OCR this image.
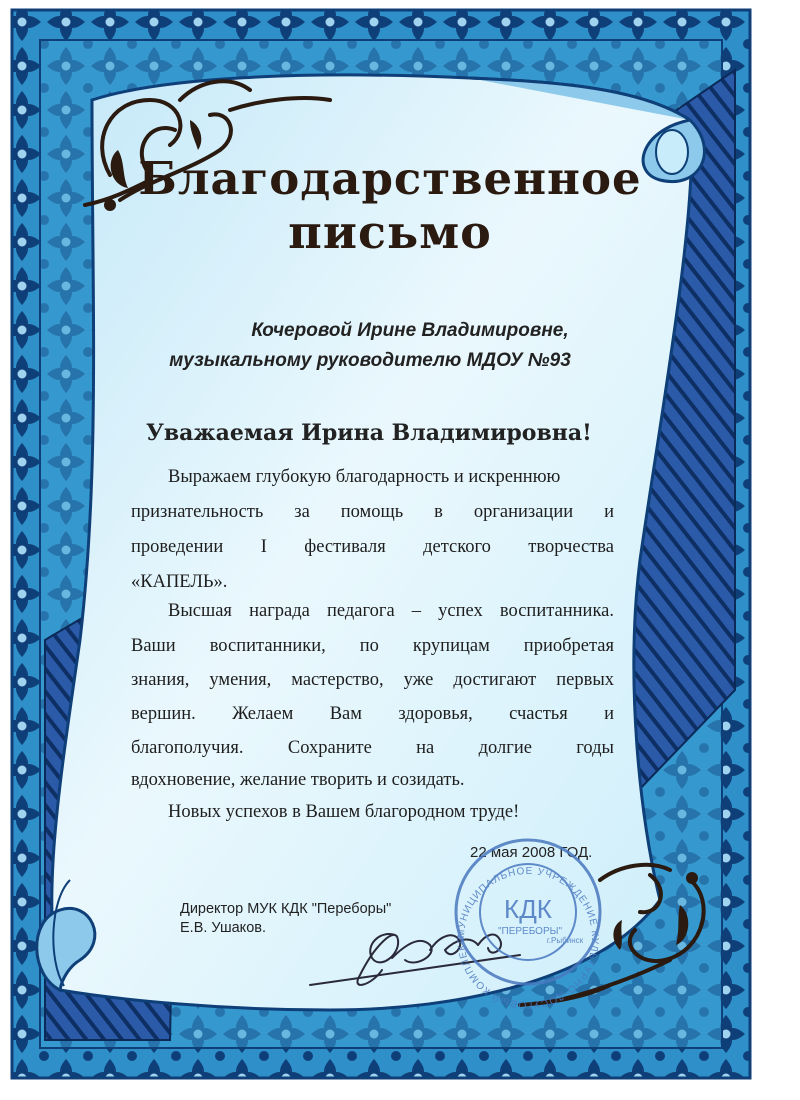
Благодарственное
письмо
Кочеровой Ирине Владимировне,
музыкальному руководителю МДОУ №93
Уважаемая Ирина Владимировна!
Выражаем глубокую благодарность и искреннюю
признательность за помощь в организации и
проведении I фестиваля детского творчества
«КАПЕЛЬ».
Высшая награда педагога – успех воспитанника.
Ваши воспитанники, по крупицам приобретая
знания, умения, мастерство, уже достигают первых
вершин. Желаем Вам здоровья, счастья и
благополучия. Сохраните на долгие годы
вдохновение, желание творить и созидать.
Новых успехов в Вашем благородном труде!
22 мая 2008 ГОД.
Директор МУК КДК "Переборы"
Е.В. Ушаков.	МУНИЦИПАЛЬНОЕ УЧРЕЖДЕНИЕ КУЛЬТУРНО-ДОСУГОВЫЙ КОМПЛЕКС
КДК
"ПЕРЕБОРЫ"
г.Рыбинск
